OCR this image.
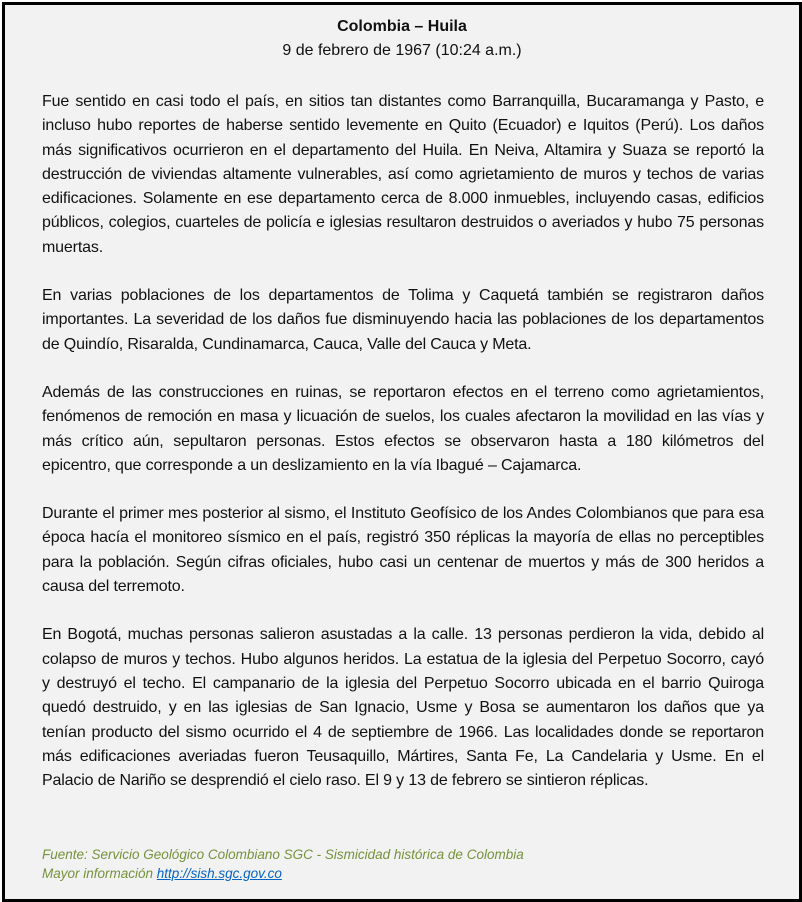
Colombia – Huila
9 de febrero de 1967 (10:24 a.m.)

Fue sentido en casi todo el país, en sitios tan distantes como Barranquilla, Bucaramanga y Pasto, e incluso hubo reportes de haberse sentido levemente en Quito (Ecuador) e Iquitos (Perú). Los daños más significativos ocurrieron en el departamento del Huila. En Neiva, Altamira y Suaza se reportó la destrucción de viviendas altamente vulnerables, así como agrietamiento de muros y techos de varias edificaciones. Solamente en ese departamento cerca de 8.000 inmuebles, incluyendo casas, edificios públicos, colegios, cuarteles de policía e iglesias resultaron destruidos o averiados y hubo 75 personas muertas.

En varias poblaciones de los departamentos de Tolima y Caquetá también se registraron daños importantes. La severidad de los daños fue disminuyendo hacia las poblaciones de los departamentos de Quindío, Risaralda, Cundinamarca, Cauca, Valle del Cauca y Meta.

Además de las construcciones en ruinas, se reportaron efectos en el terreno como agrietamientos, fenómenos de remoción en masa y licuación de suelos, los cuales afectaron la movilidad en las vías y más crítico aún, sepultaron personas. Estos efectos se observaron hasta a 180 kilómetros del epicentro, que corresponde a un deslizamiento en la vía Ibagué – Cajamarca.

Durante el primer mes posterior al sismo, el Instituto Geofísico de los Andes Colombianos que para esa época hacía el monitoreo sísmico en el país, registró 350 réplicas la mayoría de ellas no perceptibles para la población. Según cifras oficiales, hubo casi un centenar de muertos y más de 300 heridos a causa del terremoto.

En Bogotá, muchas personas salieron asustadas a la calle. 13 personas perdieron la vida, debido al colapso de muros y techos. Hubo algunos heridos. La estatua de la iglesia del Perpetuo Socorro, cayó y destruyó el techo. El campanario de la iglesia del Perpetuo Socorro ubicada en el barrio Quiroga quedó destruido, y en las iglesias de San Ignacio, Usme y Bosa se aumentaron los daños que ya tenían producto del sismo ocurrido el 4 de septiembre de 1966. Las localidades donde se reportaron más edificaciones averiadas fueron Teusaquillo, Mártires, Santa Fe, La Candelaria y Usme. En el Palacio de Nariño se desprendió el cielo raso. El 9 y 13 de febrero se sintieron réplicas.

Fuente: Servicio Geológico Colombiano SGC - Sismicidad histórica de Colombia
Mayor información http://sish.sgc.gov.co
